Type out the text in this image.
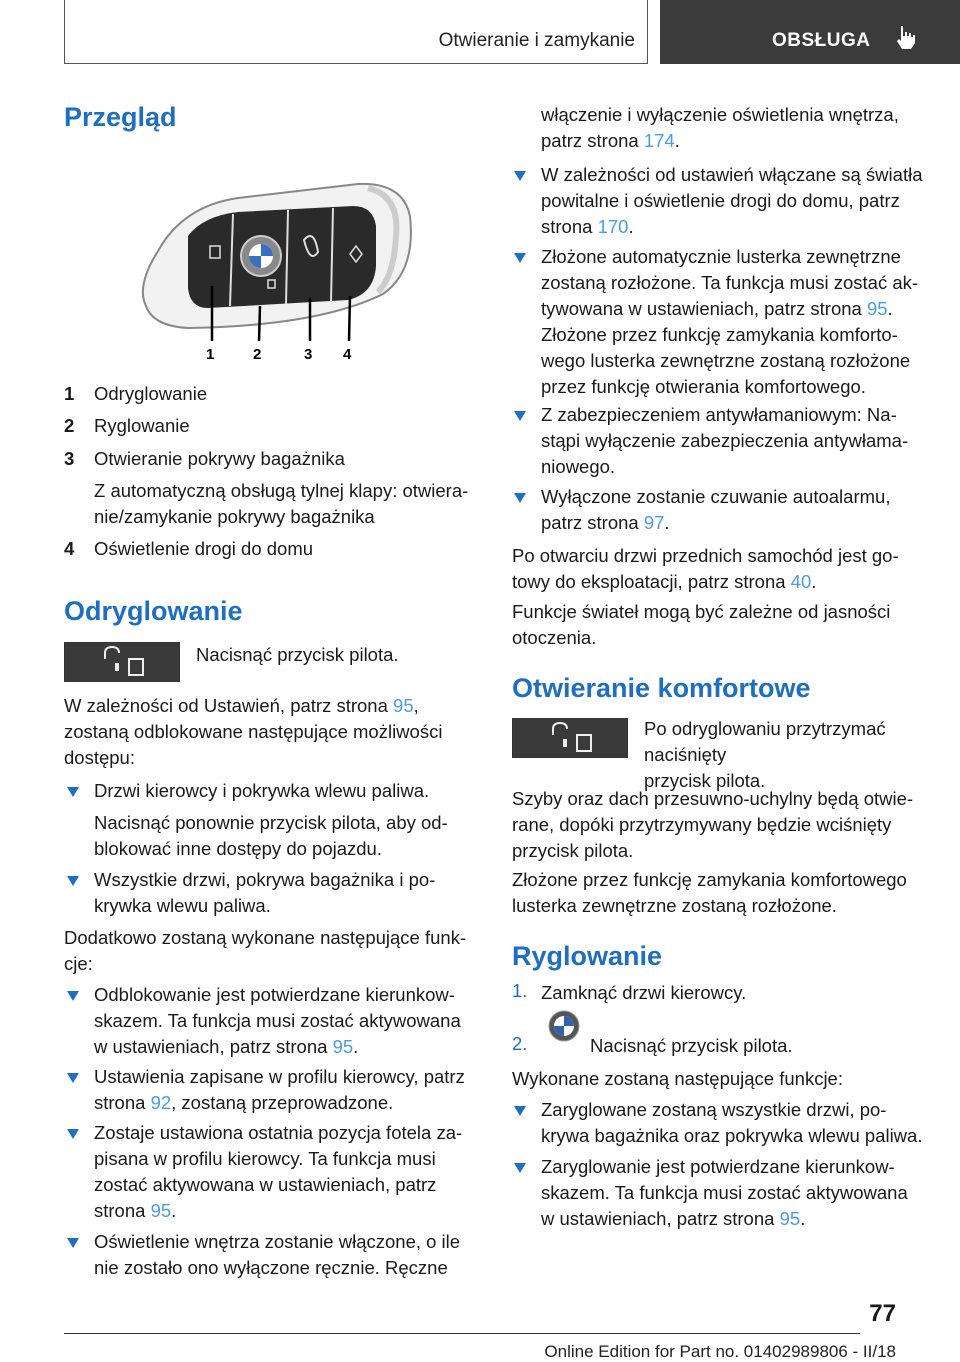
Otwieranie i zamykanie	OBSŁUGA
Przegląd
1	2	3 4
1 Odryglowanie
2 Ryglowanie
3 Otwieranie pokrywy bagażnika
Z automatyczną obsługą tylnej klapy: otwiera-
nie/zamykanie pokrywy bagażnika
4 Oświetlenie drogi do domu
Odryglowanie
Nacisnąć przycisk pilota.
W zależności od Ustawień, patrz strona 95,
zostaną odblokowane następujące możliwości
dostępu:
Drzwi kierowcy i pokrywka wlewu paliwa.
Nacisnąć ponownie przycisk pilota, aby od-
blokować inne dostępy do pojazdu.
Wszystkie drzwi, pokrywa bagażnika i po-
krywka wlewu paliwa.
Dodatkowo zostaną wykonane następujące funk-
cje:
Odblokowanie jest potwierdzane kierunkow-
skazem. Ta funkcja musi zostać aktywowana
w ustawieniach, patrz strona 95.
Ustawienia zapisane w profilu kierowcy, patrz
strona 92, zostaną przeprowadzone.
Zostaje ustawiona ostatnia pozycja fotela za-
pisana w profilu kierowcy. Ta funkcja musi
zostać aktywowana w ustawieniach, patrz
strona 95.
Oświetlenie wnętrza zostanie włączone, o ile
nie zostało ono wyłączone ręcznie. Ręczne
włączenie i wyłączenie oświetlenia wnętrza,
patrz strona 174.
W zależności od ustawień włączane są światła
powitalne i oświetlenie drogi do domu, patrz
strona 170.
Złożone automatycznie lusterka zewnętrzne
zostaną rozłożone. Ta funkcja musi zostać ak-
tywowana w ustawieniach, patrz strona 95.
Złożone przez funkcję zamykania komforto-
wego lusterka zewnętrzne zostaną rozłożone
przez funkcję otwierania komfortowego.
Z zabezpieczeniem antywłamaniowym: Na-
stąpi wyłączenie zabezpieczenia antywłama-
niowego.
Wyłączone zostanie czuwanie autoalarmu,
patrz strona 97.
Po otwarciu drzwi przednich samochód jest go-
towy do eksploatacji, patrz strona 40.
Funkcje świateł mogą być zależne od jasności
otoczenia.
Otwieranie komfortowe
Po odryglowaniu przytrzymać naciśnięty
przycisk pilota.
Szyby oraz dach przesuwno-uchylny będą otwie-
rane, dopóki przytrzymywany będzie wciśnięty
przycisk pilota.
Złożone przez funkcję zamykania komfortowego
lusterka zewnętrzne zostaną rozłożone.
Ryglowanie
1. Zamknąć drzwi kierowcy.
2.	Nacisnąć przycisk pilota.
Wykonane zostaną następujące funkcje:
Zaryglowane zostaną wszystkie drzwi, po-
krywa bagażnika oraz pokrywka wlewu paliwa.
Zaryglowanie jest potwierdzane kierunkow-
skazem. Ta funkcja musi zostać aktywowana
w ustawieniach, patrz strona 95.
77
Online Edition for Part no. 01402989806 - II/18
